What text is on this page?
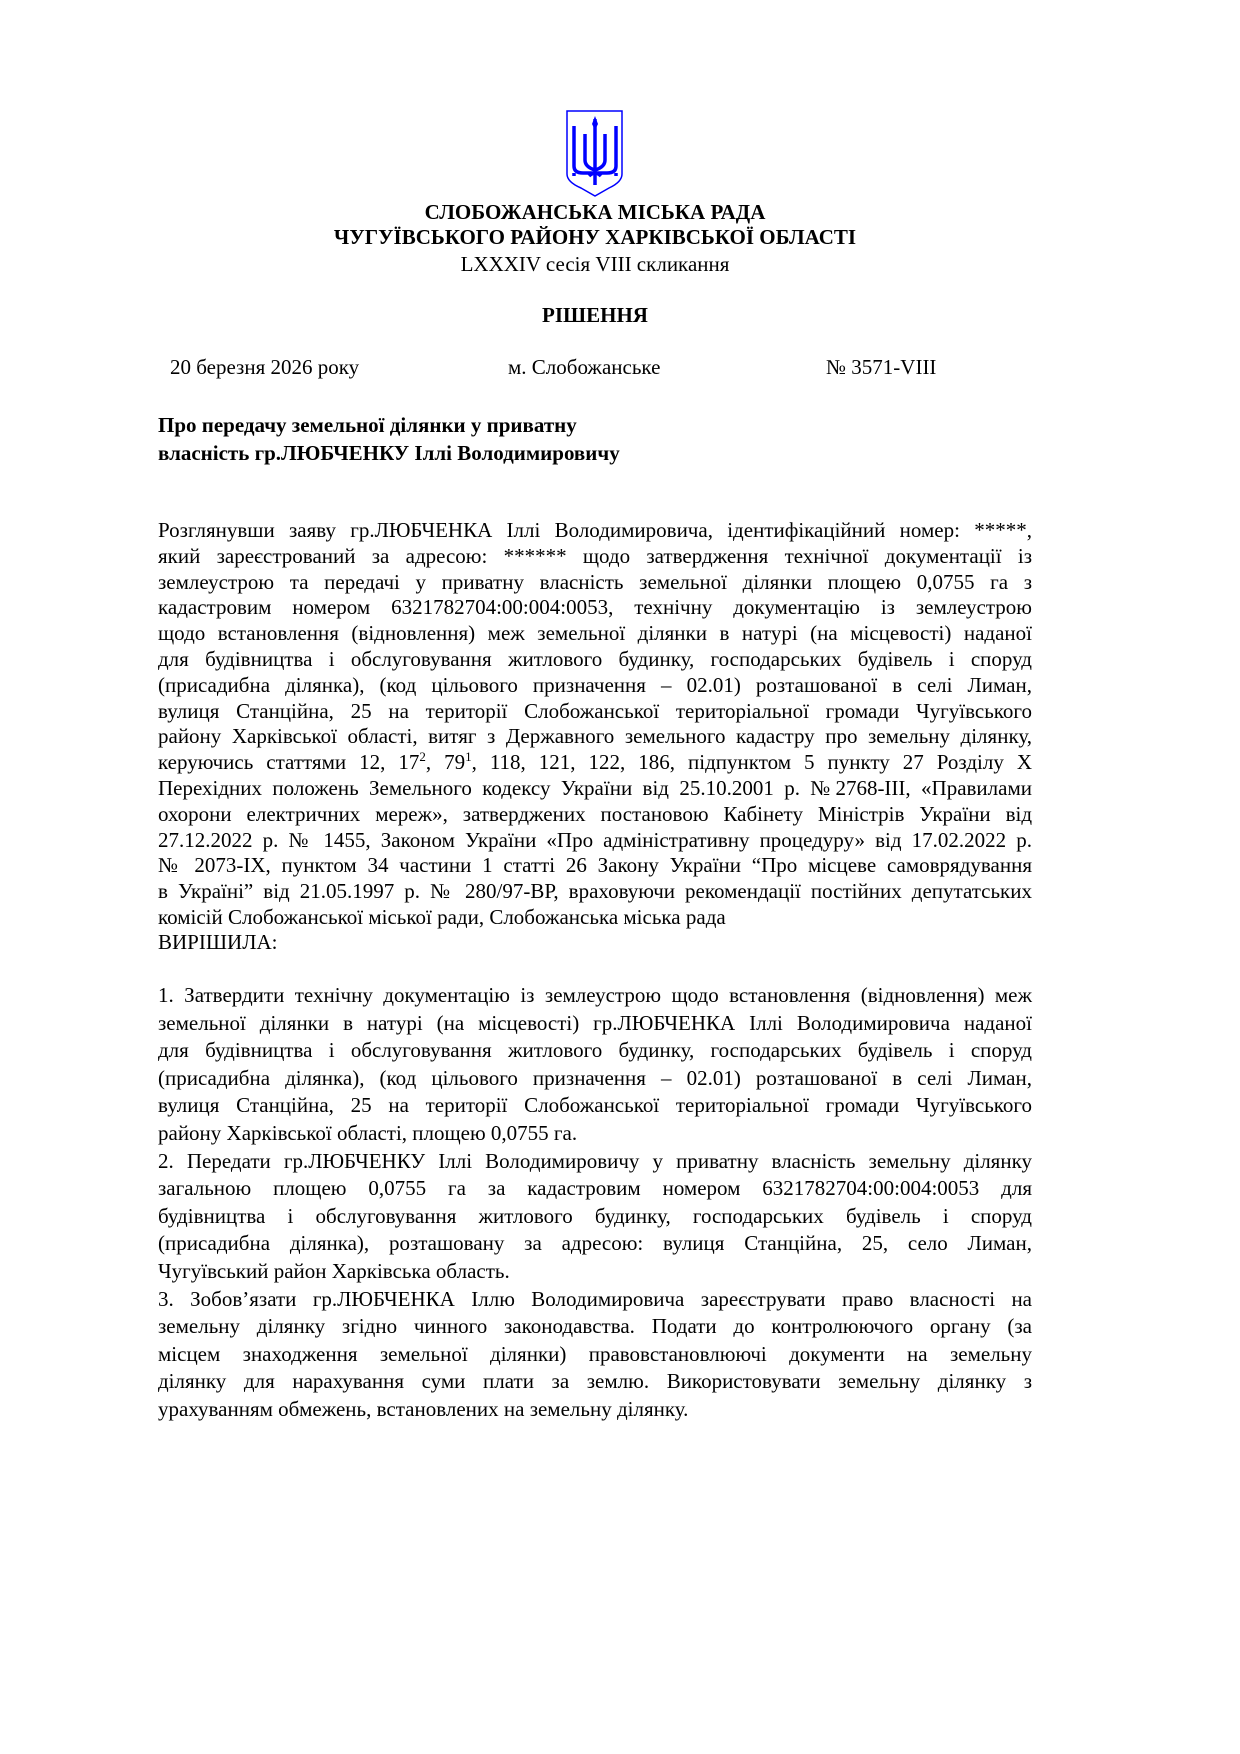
СЛОБОЖАНСЬКА МІСЬКА РАДА
ЧУГУЇВСЬКОГО РАЙОНУ ХАРКІВСЬКОЇ ОБЛАСТІ
LXXXIV сесія VIII скликання
РІШЕННЯ
20 березня 2026 року	м. Слобожанське	№ 3571-VIII
Про передачу земельної ділянки у приватну
власність гр.ЛЮБЧЕНКУ Іллі Володимировичу
Розглянувши заяву гр.ЛЮБЧЕНКА Іллі Володимировича, ідентифікаційний номер: *****,
який зареєстрований за адресою: ****** щодо затвердження технічної документації із
землеустрою та передачі у приватну власність земельної ділянки площею 0,0755 га з
кадастровим номером 6321782704:00:004:0053, технічну документацію із землеустрою
щодо встановлення (відновлення) меж земельної ділянки в натурі (на місцевості) наданої
для будівництва і обслуговування житлового будинку, господарських будівель і споруд
(присадибна ділянка), (код цільового призначення – 02.01) розташованої в селі Лиман,
вулиця Станційна, 25 на території Слобожанської територіальної громади Чугуївського
району Харківської області, витяг з Державного земельного кадастру про земельну ділянку,
керуючись статтями 12, $17^2$, $79^1$, 118, 121, 122, 186, підпунктом 5 пункту 27 Розділу X
Перехідних положень Земельного кодексу України від 25.10.2001 р. №2768-ІІІ, «Правилами
охорони електричних мереж», затверджених постановою Кабінету Міністрів України від
27.12.2022 р. № 1455, Законом України «Про адміністративну процедуру» від 17.02.2022 р.
№ 2073-IX, пунктом 34 частини 1 статті 26 Закону України “Про місцеве самоврядування
в Україні” від 21.05.1997 р. № 280/97-ВР, враховуючи рекомендації постійних депутатських
комісій Слобожанської міської ради, Слобожанська міська рада
ВИРІШИЛА:
1. Затвердити технічну документацію із землеустрою щодо встановлення (відновлення) меж
земельної ділянки в натурі (на місцевості) гр.ЛЮБЧЕНКА Іллі Володимировича наданої
для будівництва і обслуговування житлового будинку, господарських будівель і споруд
(присадибна ділянка), (код цільового призначення – 02.01) розташованої в селі Лиман,
вулиця Станційна, 25 на території Слобожанської територіальної громади Чугуївського
району Харківської області, площею 0,0755 га.
2. Передати гр.ЛЮБЧЕНКУ Іллі Володимировичу у приватну власність земельну ділянку
загальною площею 0,0755 га за кадастровим номером 6321782704:00:004:0053 для
будівництва і обслуговування житлового будинку, господарських будівель і споруд
(присадибна ділянка), розташовану за адресою: вулиця Станційна, 25, село Лиман,
Чугуївський район Харківська область.
3. Зобов’язати гр.ЛЮБЧЕНКА Іллю Володимировича зареєструвати право власності на
земельну ділянку згідно чинного законодавства. Подати до контролюючого органу (за
місцем знаходження земельної ділянки) правовстановлюючі документи на земельну
ділянку для нарахування суми плати за землю. Використовувати земельну ділянку з
урахуванням обмежень, встановлених на земельну ділянку.
